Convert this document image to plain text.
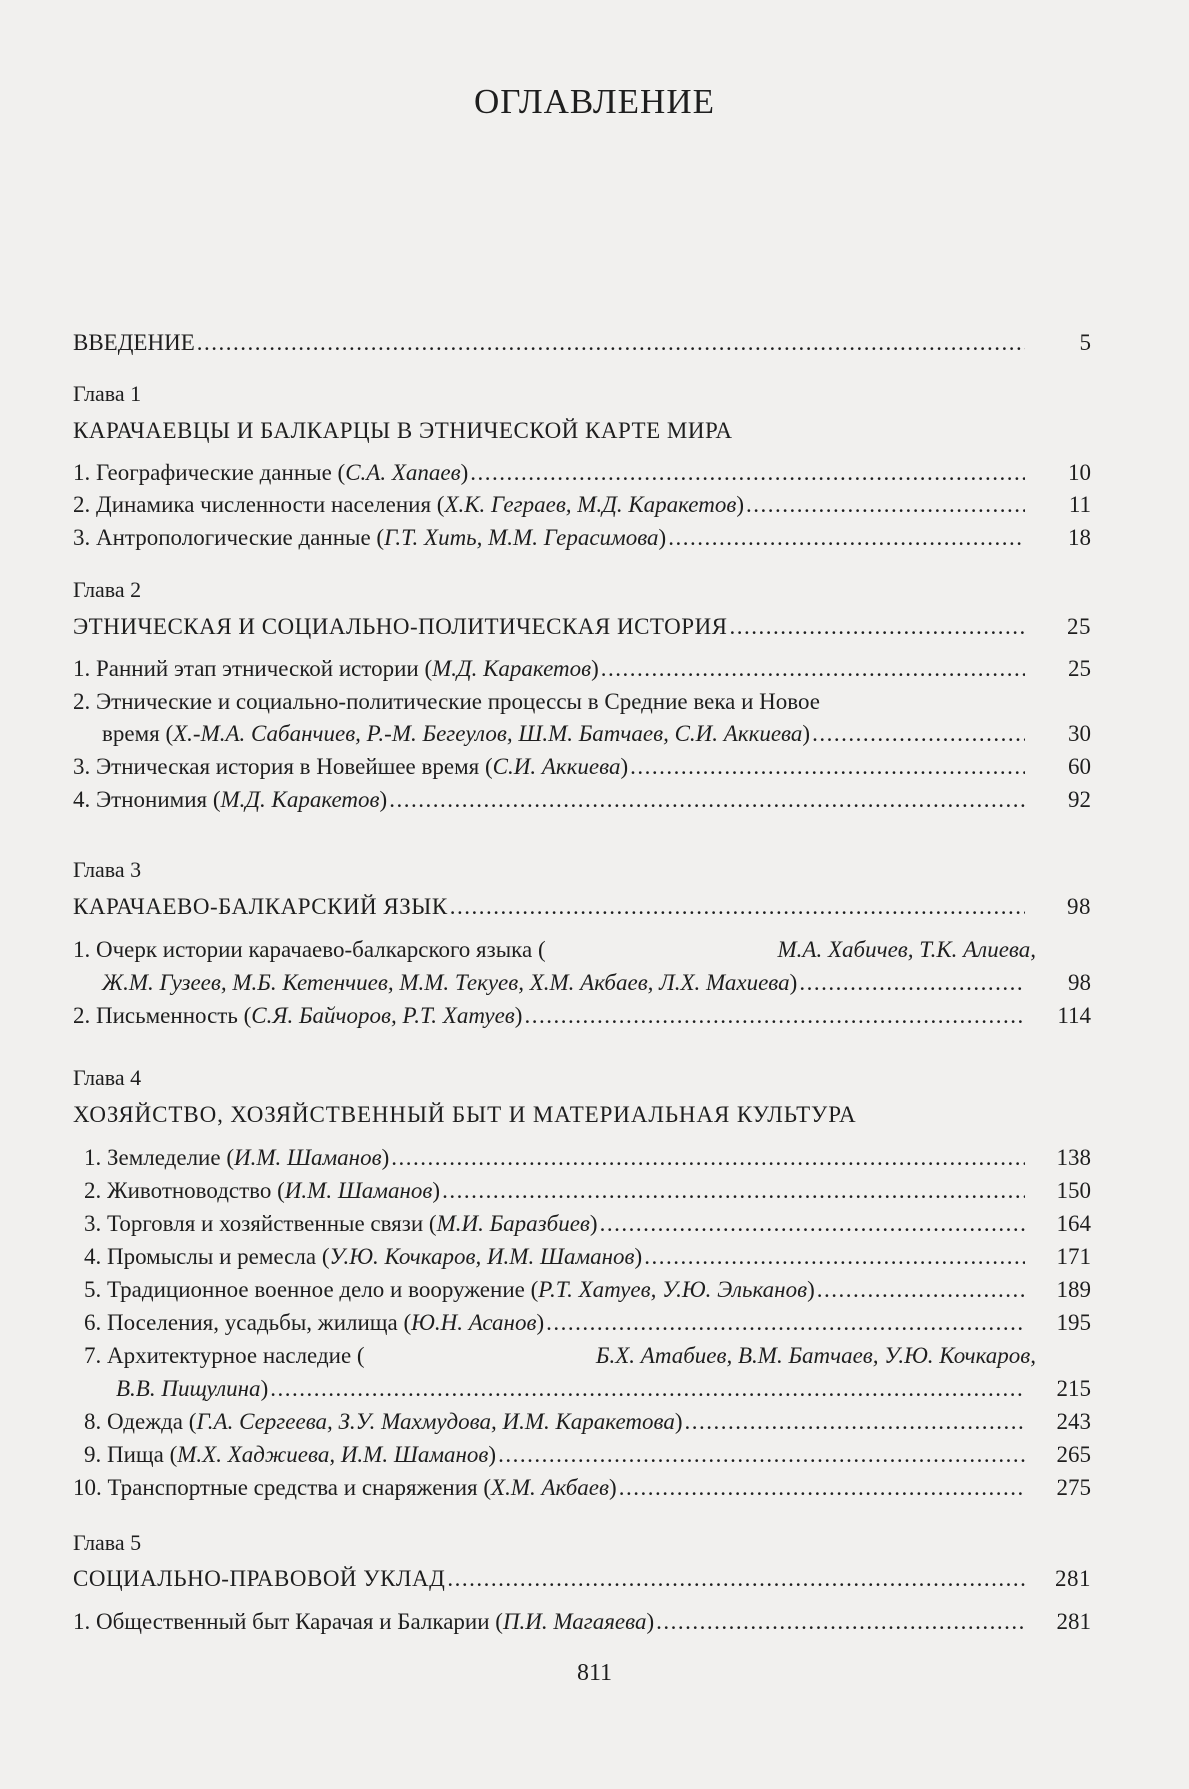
ОГЛАВЛЕНИЕ
ВВЕДЕНИЕ .....	5
Глава 1
КАРАЧАЕВЦЫ И БАЛКАРЦЫ В ЭТНИЧЕСКОЙ КАРТЕ МИРА
1. Географические данные (С.А. Хапаев) .....	10
2. Динамика численности населения (Х.К. Геграев, М.Д. Каракетов) .....	11
3. Антропологические данные (Г.Т. Хить, М.М. Герасимова) .....	18
Глава 2
ЭТНИЧЕСКАЯ И СОЦИАЛЬНО-ПОЛИТИЧЕСКАЯ ИСТОРИЯ .....	25
1. Ранний этап этнической истории (М.Д. Каракетов) .....	25
2. Этнические и социально-политические процессы в Средние века и Новое
время (Х.-М.А. Сабанчиев, Р.-М. Бегеулов, Ш.М. Батчаев, С.И. Аккиева) .....	30
3. Этническая история в Новейшее время (С.И. Аккиева) .....	60
4. Этнонимия (М.Д. Каракетов) .....	92
Глава 3
КАРАЧАЕВО-БАЛКАРСКИЙ ЯЗЫК .....	98
1. Очерк истории карачаево-балкарского языка (	М.А. Хабичев, Т.К. Алиева,
Ж.М. Гузеев, М.Б. Кетенчиев, М.М. Текуев, Х.М. Акбаев, Л.Х. Махиева) .....	98
2. Письменность (С.Я. Байчоров, Р.Т. Хатуев) .....	114
Глава 4
ХОЗЯЙСТВО, ХОЗЯЙСТВЕННЫЙ БЫТ И МАТЕРИАЛЬНАЯ КУЛЬТУРА
1. Земледелие (И.М. Шаманов) .....	138
2. Животноводство (И.М. Шаманов) .....	150
3. Торговля и хозяйственные связи (М.И. Баразбиев) .....	164
4. Промыслы и ремесла (У.Ю. Кочкаров, И.М. Шаманов) .....	171
5. Традиционное военное дело и вооружение (Р.Т. Хатуев, У.Ю. Эльканов) .....	189
6. Поселения, усадьбы, жилища (Ю.Н. Асанов) .....	195
7. Архитектурное наследие (	Б.Х. Атабиев, В.М. Батчаев, У.Ю. Кочкаров,
В.В. Пищулина) .....	215
8. Одежда (Г.А. Сергеева, З.У. Махмудова, И.М. Каракетова) .....	243
9. Пища (М.Х. Хаджиева, И.М. Шаманов) .....	265
10. Транспортные средства и снаряжения (Х.М. Акбаев) .....	275
Глава 5
СОЦИАЛЬНО-ПРАВОВОЙ УКЛАД .....	281
1. Общественный быт Карачая и Балкарии (П.И. Магаяева) .....	281
811
